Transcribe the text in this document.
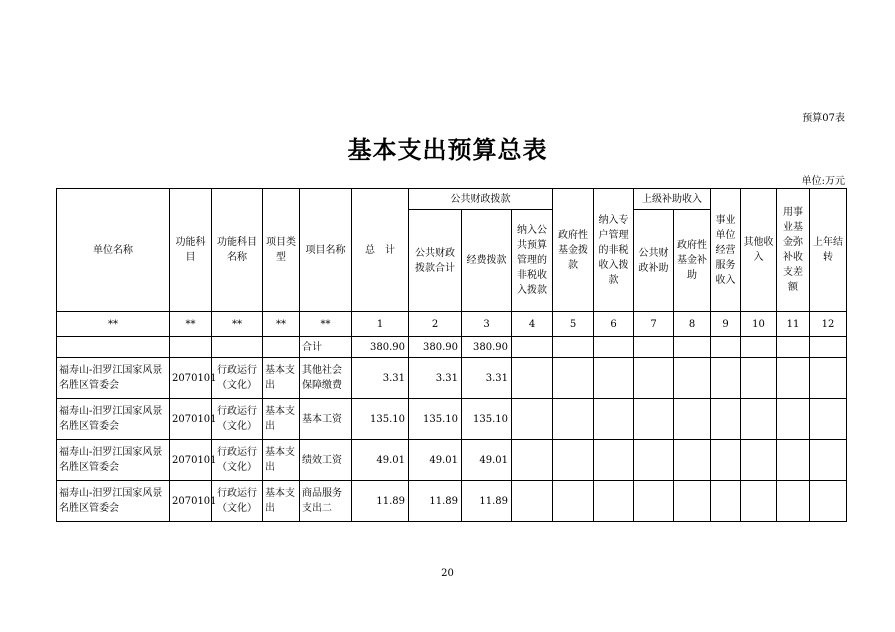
预算07表
基本支出预算总表
单位:万元
单位名称	功能科目	功能科目名称	项目类型	项目名称	总　计	公共财政拨款			政府性基金拨款	纳入专户管理的非税收入拨款	上级补助收入		事业单位经营服务收入	其他收入	用事业基金弥补收支差额	上年结转
						公共财政拨款合计	经费拨款	纳入公共预算管理的非税收入拨款			公共财政补助	政府性基金补助				
**	**	**	**	**	1	2	3	4	5	6	7	8	9	10	11	12
				合计	380.90	380.90	380.90									
福寿山-汨罗江国家风景名胜区管委会	2070101	行政运行（文化）	基本支出	其他社会保障缴费	3.31	3.31	3.31									
福寿山-汨罗江国家风景名胜区管委会	2070101	行政运行（文化）	基本支出	基本工资	135.10	135.10	135.10									
福寿山-汨罗江国家风景名胜区管委会	2070101	行政运行（文化）	基本支出	绩效工资	49.01	49.01	49.01									
福寿山-汨罗江国家风景名胜区管委会	2070101	行政运行（文化）	基本支出	商品服务支出二	11.89	11.89	11.89									
20
